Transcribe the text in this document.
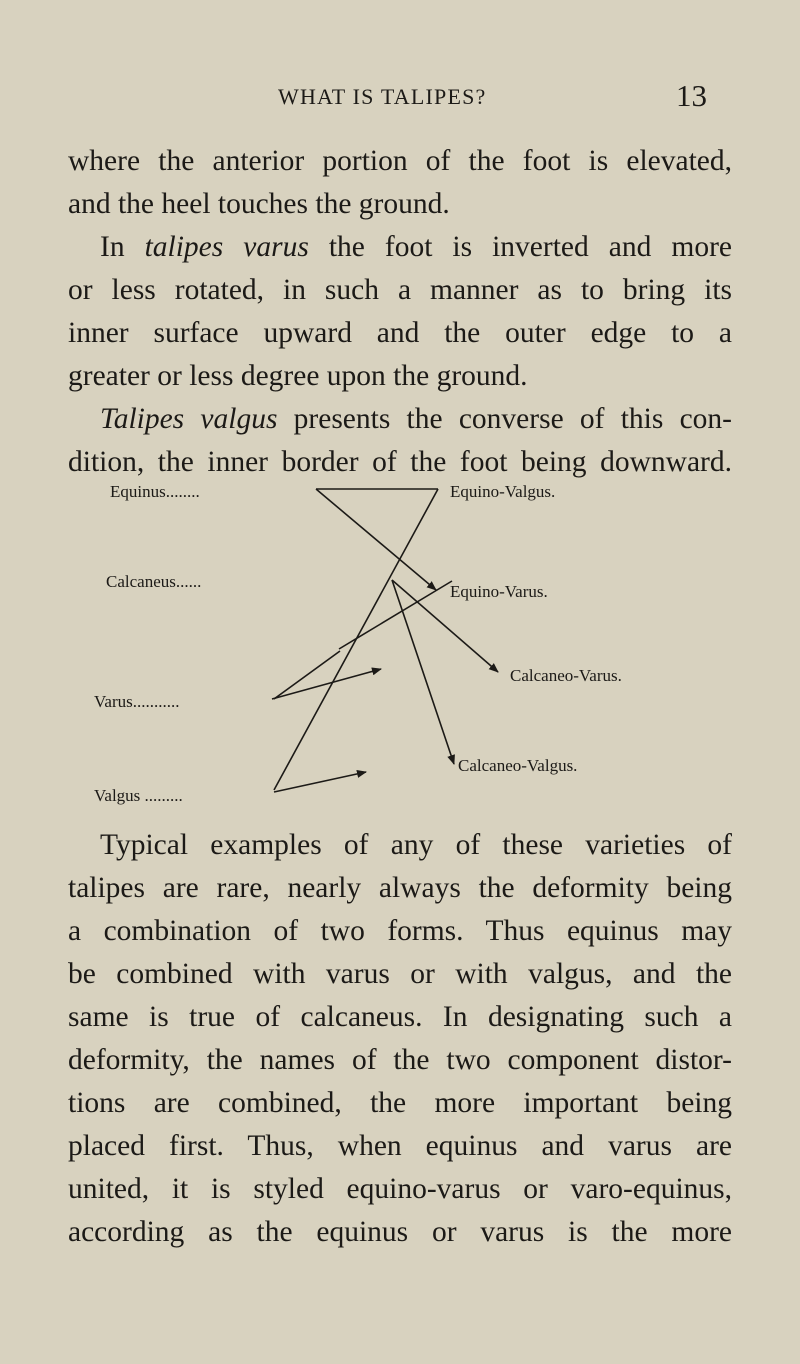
WHAT IS TALIPES?	13
where the anterior portion of the foot is elevated,
and the heel touches the ground.
In talipes varus the foot is inverted and more
or less rotated, in such a manner as to bring its
inner surface upward and the outer edge to a
greater or less degree upon the ground.
Talipes valgus presents the converse of this con-
dition, the inner border of the foot being downward.
Equinus........
Calcaneus......
Varus...........
Valgus .........
Equino-Valgus.
Equino-Varus.
Calcaneo-Varus.
Calcaneo-Valgus.
Typical examples of any of these varieties of
talipes are rare, nearly always the deformity being
a combination of two forms. Thus equinus may
be combined with varus or with valgus, and the
same is true of calcaneus. In designating such a
deformity, the names of the two component distor-
tions are combined, the more important being
placed first. Thus, when equinus and varus are
united, it is styled equino-varus or varo-equinus,
according as the equinus or varus is the more
